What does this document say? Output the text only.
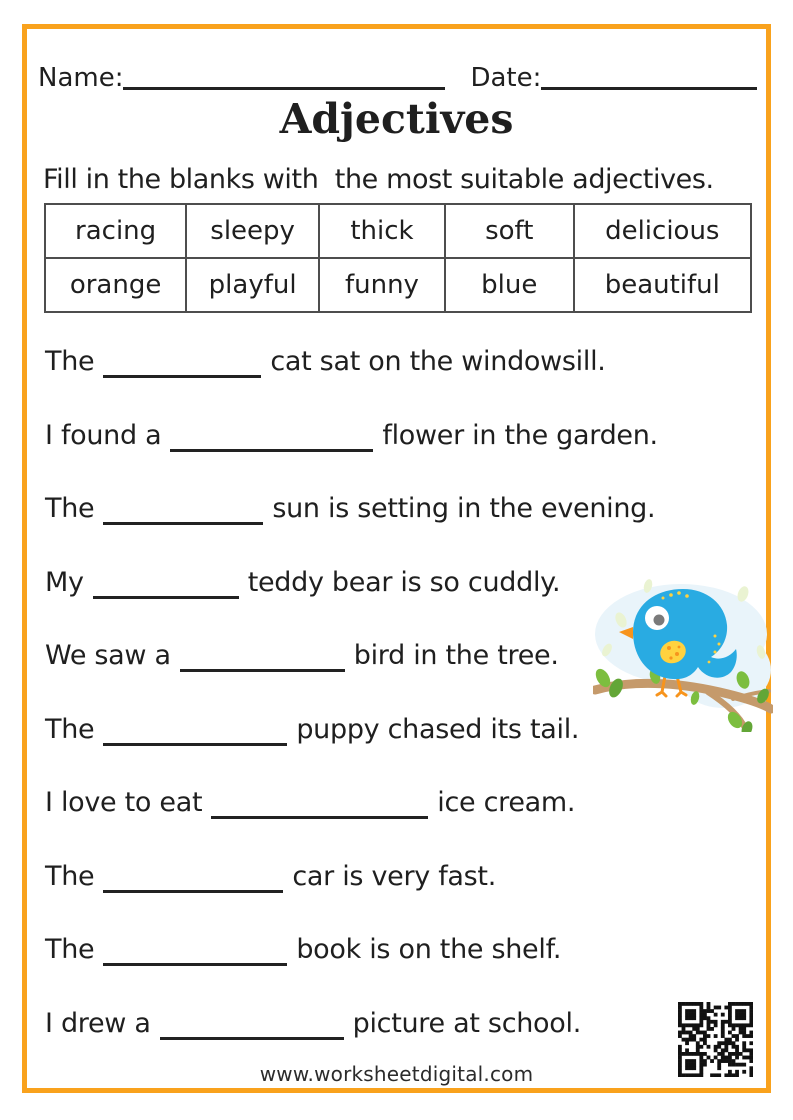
Name:	Date:
Adjectives

Fill in the blanks with  the most suitable adjectives.

racing	sleepy	thick	soft	delicious
orange	playful	funny	blue	beautiful
The	cat sat on the windowsill.
I found a	flower in the garden.
The	sun is setting in the evening.
My	teddy bear is so cuddly.
We saw a	bird in the tree.
The	puppy chased its tail.
I love to eat	ice cream.
The	car is very fast.
The	book is on the shelf.
I drew a	picture at school.
www.worksheetdigital.com
